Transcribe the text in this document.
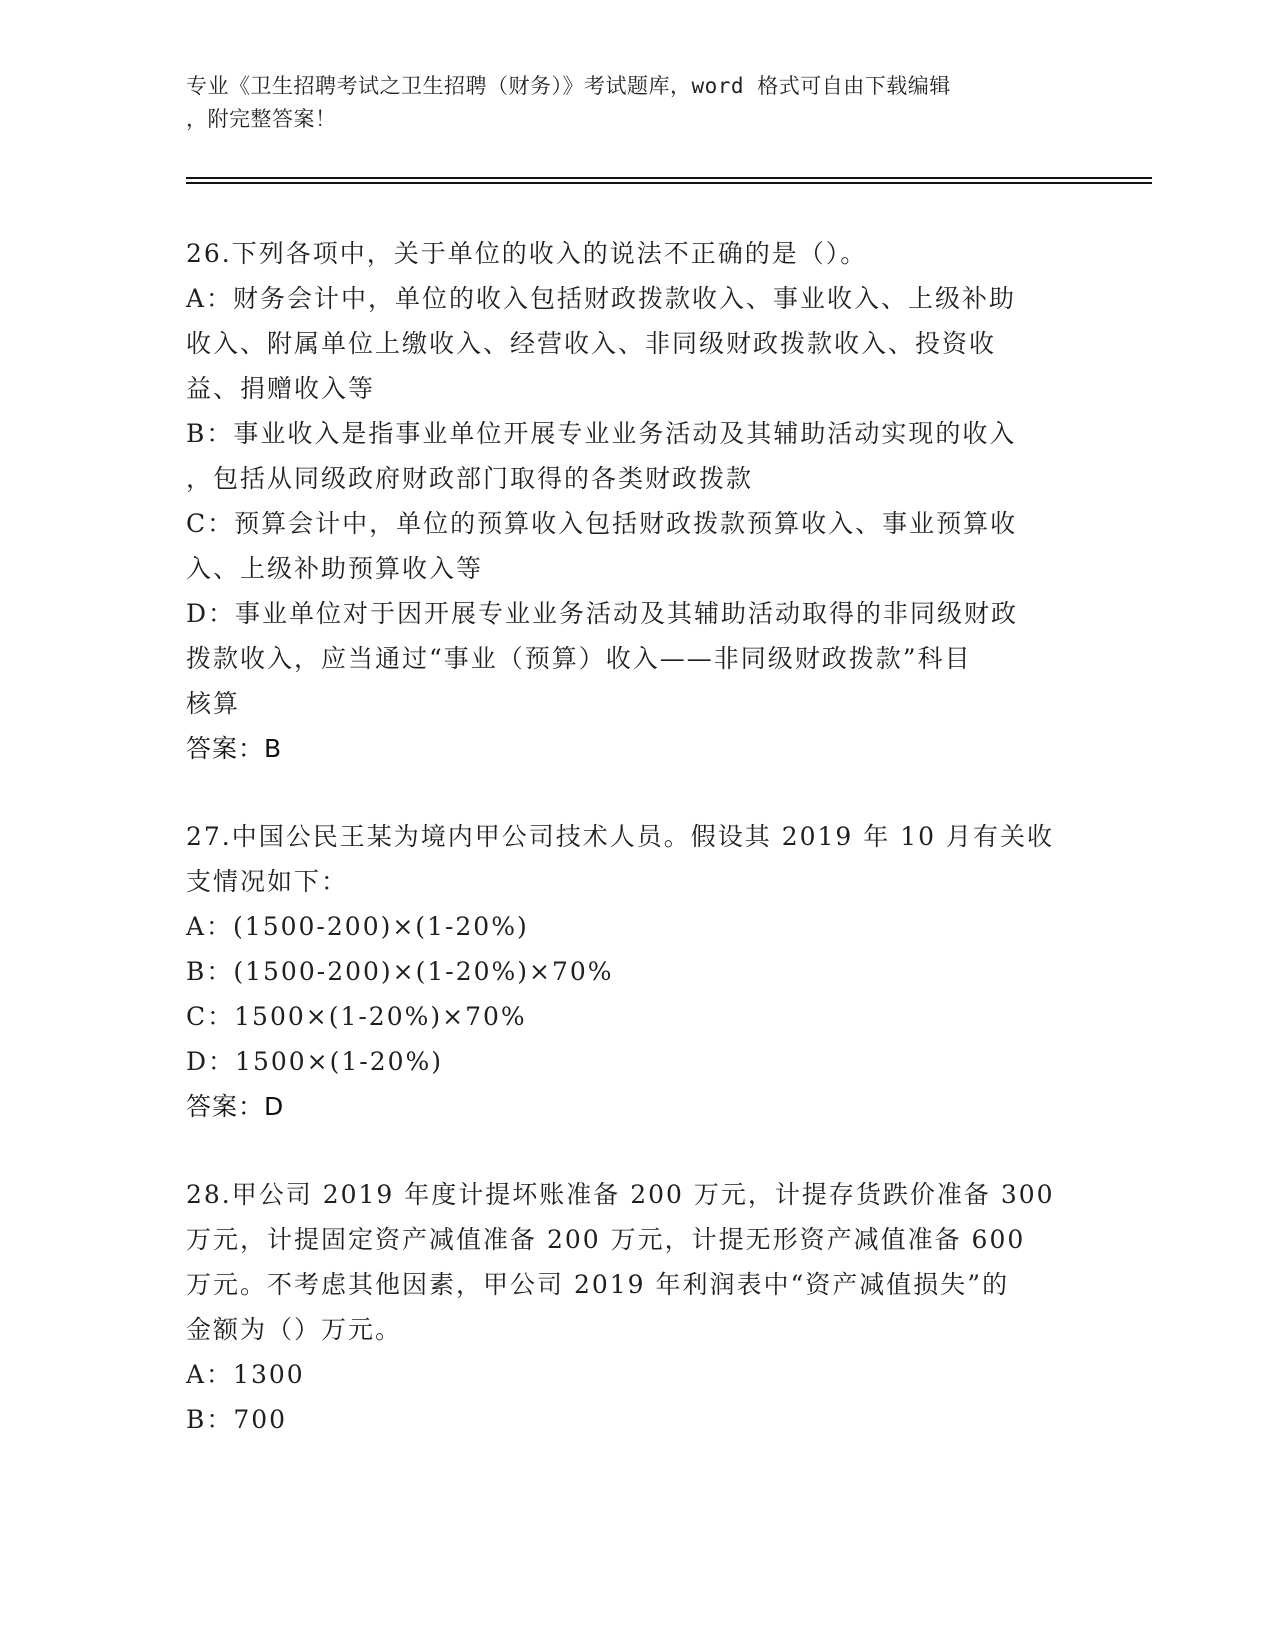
专业《卫生招聘考试之卫生招聘（财务）》考试题库，word 格式可自由下载编辑
，附完整答案！

26.下列各项中，关于单位的收入的说法不正确的是（）。

A：财务会计中，单位的收入包括财政拨款收入、事业收入、上级补助

收入、附属单位上缴收入、经营收入、非同级财政拨款收入、投资收

益、捐赠收入等

B：事业收入是指事业单位开展专业业务活动及其辅助活动实现的收入

，包括从同级政府财政部门取得的各类财政拨款

C：预算会计中，单位的预算收入包括财政拨款预算收入、事业预算收

入、上级补助预算收入等

D：事业单位对于因开展专业业务活动及其辅助活动取得的非同级财政

拨款收入，应当通过“事业（预算）收入——非同级财政拨款”科目

核算

答案：B

27.中国公民王某为境内甲公司技术人员。假设其 2019 年 10 月有关收

支情况如下：

A：(1500-200)×(1-20%)

B：(1500-200)×(1-20%)×70%

C：1500×(1-20%)×70%

D：1500×(1-20%)

答案：D

28.甲公司 2019 年度计提坏账准备 200 万元，计提存货跌价准备 300

万元，计提固定资产减值准备 200 万元，计提无形资产减值准备 600

万元。不考虑其他因素，甲公司 2019 年利润表中“资产减值损失”的

金额为（）万元。

A：1300

B：700
